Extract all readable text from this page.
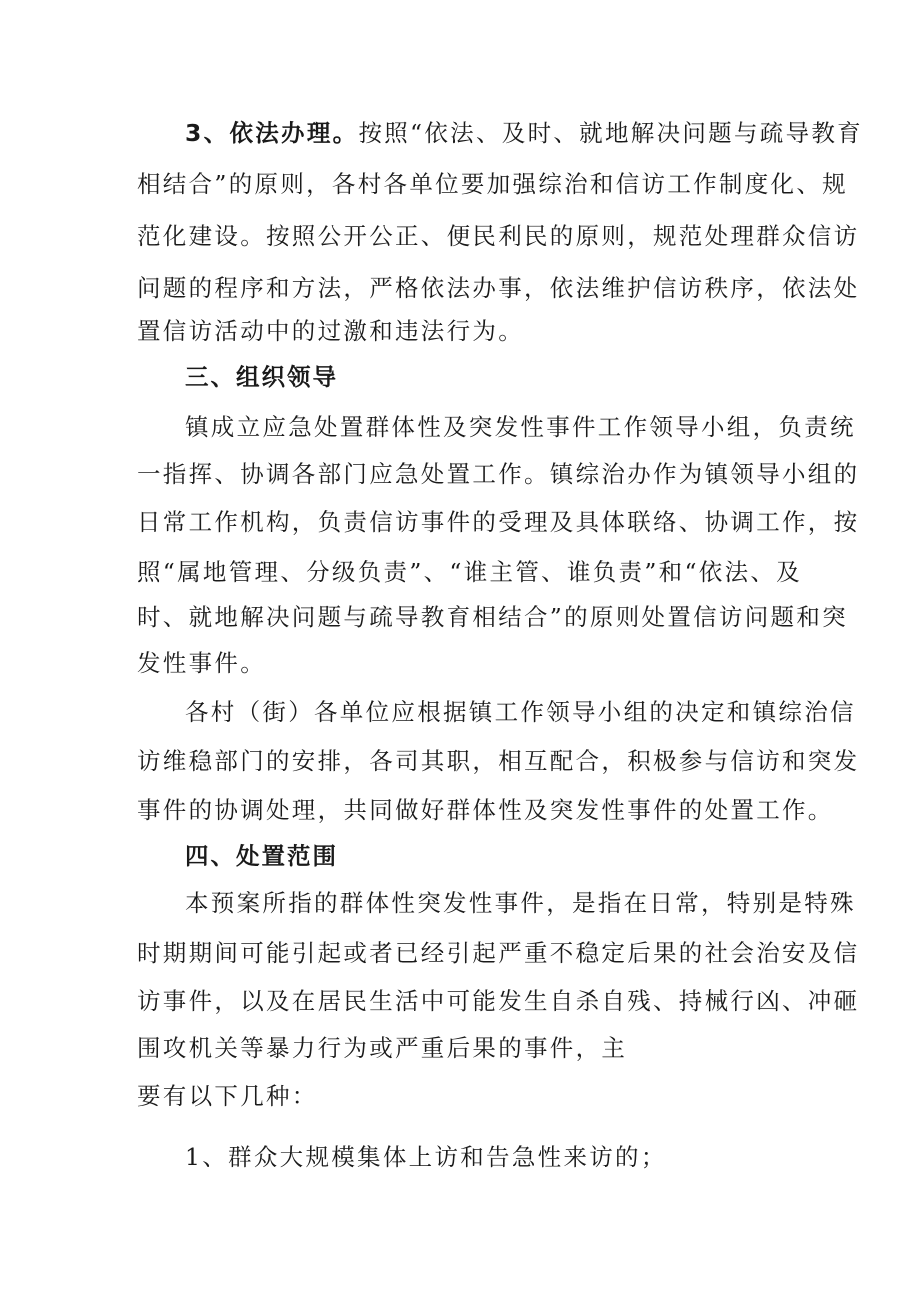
3、依法办理。按照“依法、及时、就地解决问题与疏导教育
相结合”的原则，各村各单位要加强综治和信访工作制度化、规
范化建设。按照公开公正、便民利民的原则，规范处理群众信访
问题的程序和方法，严格依法办事，依法维护信访秩序，依法处
置信访活动中的过激和违法行为。
三、组织领导
镇成立应急处置群体性及突发性事件工作领导小组，负责统
一指挥、协调各部门应急处置工作。镇综治办作为镇领导小组的
日常工作机构，负责信访事件的受理及具体联络、协调工作，按
照“属地管理、分级负责”、“谁主管、谁负责”和“依法、及
时、就地解决问题与疏导教育相结合”的原则处置信访问题和突
发性事件。
各村（街）各单位应根据镇工作领导小组的决定和镇综治信
访维稳部门的安排，各司其职，相互配合，积极参与信访和突发
事件的协调处理，共同做好群体性及突发性事件的处置工作。
四、处置范围
本预案所指的群体性突发性事件，是指在日常，特别是特殊
时期期间可能引起或者已经引起严重不稳定后果的社会治安及信
访事件，以及在居民生活中可能发生自杀自残、持械行凶、冲砸
围攻机关等暴力行为或严重后果的事件，主
要有以下几种：
1、群众大规模集体上访和告急性来访的；
